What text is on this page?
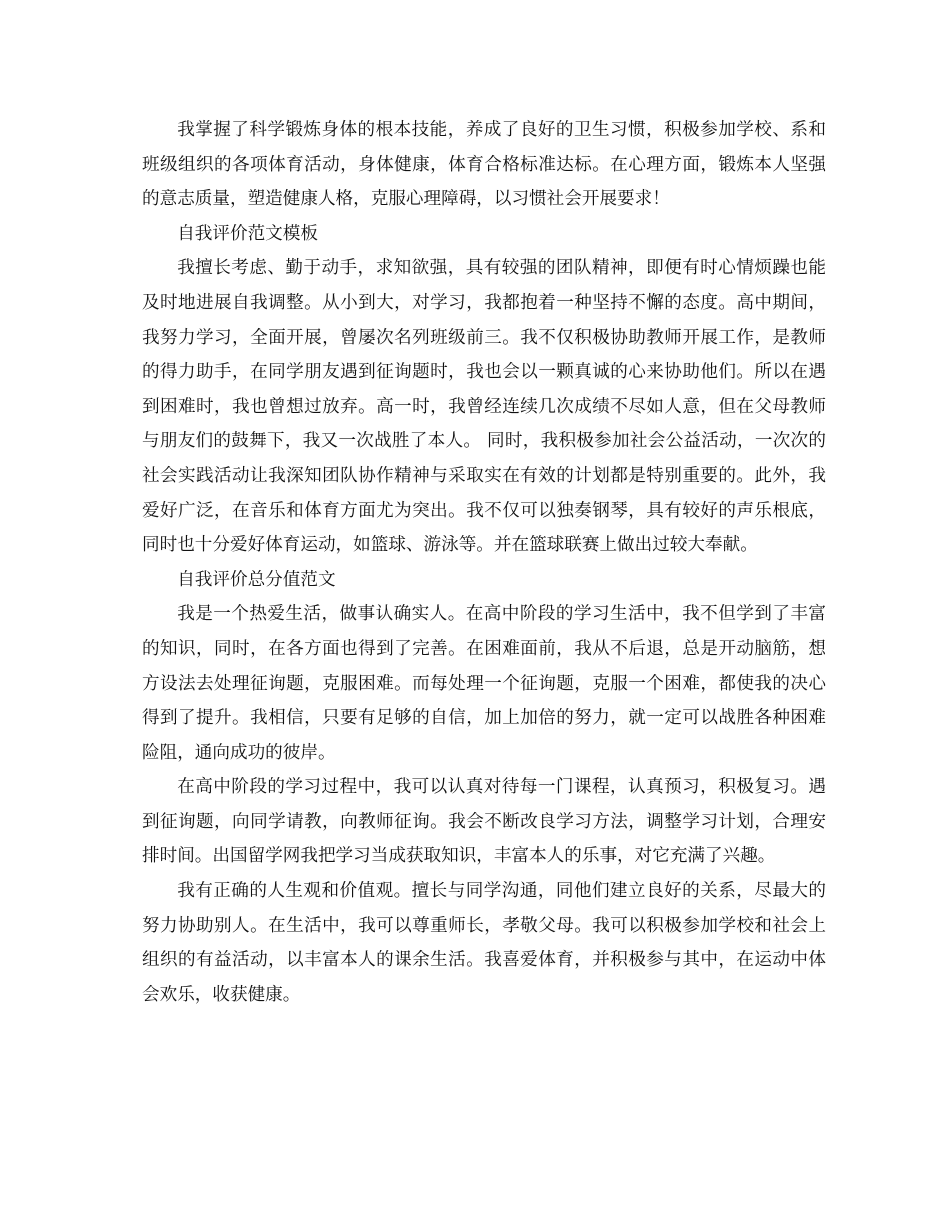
我掌握了科学锻炼身体的根本技能，养成了良好的卫生习惯，积极参加学校、系和班级组织的各项体育活动，身体健康，体育合格标准达标。在心理方面，锻炼本人坚强的意志质量，塑造健康人格，克服心理障碍，以习惯社会开展要求！

自我评价范文模板

我擅长考虑、勤于动手，求知欲强，具有较强的团队精神，即便有时心情烦躁也能及时地进展自我调整。从小到大，对学习，我都抱着一种坚持不懈的态度。高中期间，我努力学习，全面开展，曾屡次名列班级前三。我不仅积极协助教师开展工作，是教师的得力助手，在同学朋友遇到征询题时，我也会以一颗真诚的心来协助他们。所以在遇到困难时，我也曾想过放弃。高一时，我曾经连续几次成绩不尽如人意，但在父母教师与朋友们的鼓舞下，我又一次战胜了本人。 同时，我积极参加社会公益活动，一次次的社会实践活动让我深知团队协作精神与采取实在有效的计划都是特别重要的。此外，我爱好广泛，在音乐和体育方面尤为突出。我不仅可以独奏钢琴，具有较好的声乐根底，同时也十分爱好体育运动，如篮球、游泳等。并在篮球联赛上做出过较大奉献。

自我评价总分值范文

我是一个热爱生活，做事认确实人。在高中阶段的学习生活中，我不但学到了丰富的知识，同时，在各方面也得到了完善。在困难面前，我从不后退，总是开动脑筋，想方设法去处理征询题，克服困难。而每处理一个征询题，克服一个困难，都使我的决心得到了提升。我相信，只要有足够的自信，加上加倍的努力，就一定可以战胜各种困难险阻，通向成功的彼岸。

在高中阶段的学习过程中，我可以认真对待每一门课程，认真预习，积极复习。遇到征询题，向同学请教，向教师征询。我会不断改良学习方法，调整学习计划，合理安排时间。出国留学网我把学习当成获取知识，丰富本人的乐事，对它充满了兴趣。

我有正确的人生观和价值观。擅长与同学沟通，同他们建立良好的关系，尽最大的努力协助别人。在生活中，我可以尊重师长，孝敬父母。我可以积极参加学校和社会上组织的有益活动，以丰富本人的课余生活。我喜爱体育，并积极参与其中，在运动中体会欢乐，收获健康。
